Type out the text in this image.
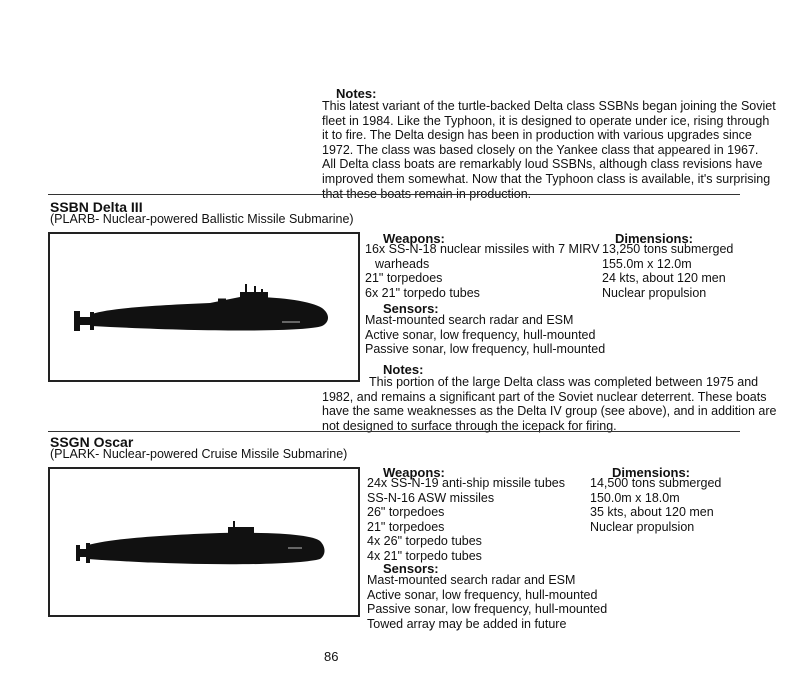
Notes:
This latest variant of the turtle-backed Delta class SSBNs began joining the Soviet
fleet in 1984. Like the Typhoon, it is designed to operate under ice, rising through
it to fire. The Delta design has been in production with various upgrades since
1972. The class was based closely on the Yankee class that appeared in 1967.
All Delta class boats are remarkably loud SSBNs, although class revisions have
improved them somewhat. Now that the Typhoon class is available, it's surprising
that these boats remain in production.
SSBN Delta III
(PLARB- Nuclear-powered Ballistic Missile Submarine)
Weapons:
16x SS-N-18 nuclear missiles with 7 MIRV
warheads
21" torpedoes
6x 21" torpedo tubes
Dimensions:
13,250 tons submerged
155.0m x 12.0m
24 kts, about 120 men
Nuclear propulsion
Sensors:
Mast-mounted search radar and ESM
Active sonar, low frequency, hull-mounted
Passive sonar, low frequency, hull-mounted
Notes:
This portion of the large Delta class was completed between 1975 and
1982, and remains a significant part of the Soviet nuclear deterrent. These boats
have the same weaknesses as the Delta IV group (see above), and in addition are
not designed to surface through the icepack for firing.
SSGN Oscar
(PLARK- Nuclear-powered Cruise Missile Submarine)
Weapons:
24x SS-N-19 anti-ship missile tubes
SS-N-16 ASW missiles
26" torpedoes
21" torpedoes
4x 26" torpedo tubes
4x 21" torpedo tubes
Dimensions:
14,500 tons submerged
150.0m x 18.0m
35 kts, about 120 men
Nuclear propulsion
Sensors:
Mast-mounted search radar and ESM
Active sonar, low frequency, hull-mounted
Passive sonar, low frequency, hull-mounted
Towed array may be added in future
86
